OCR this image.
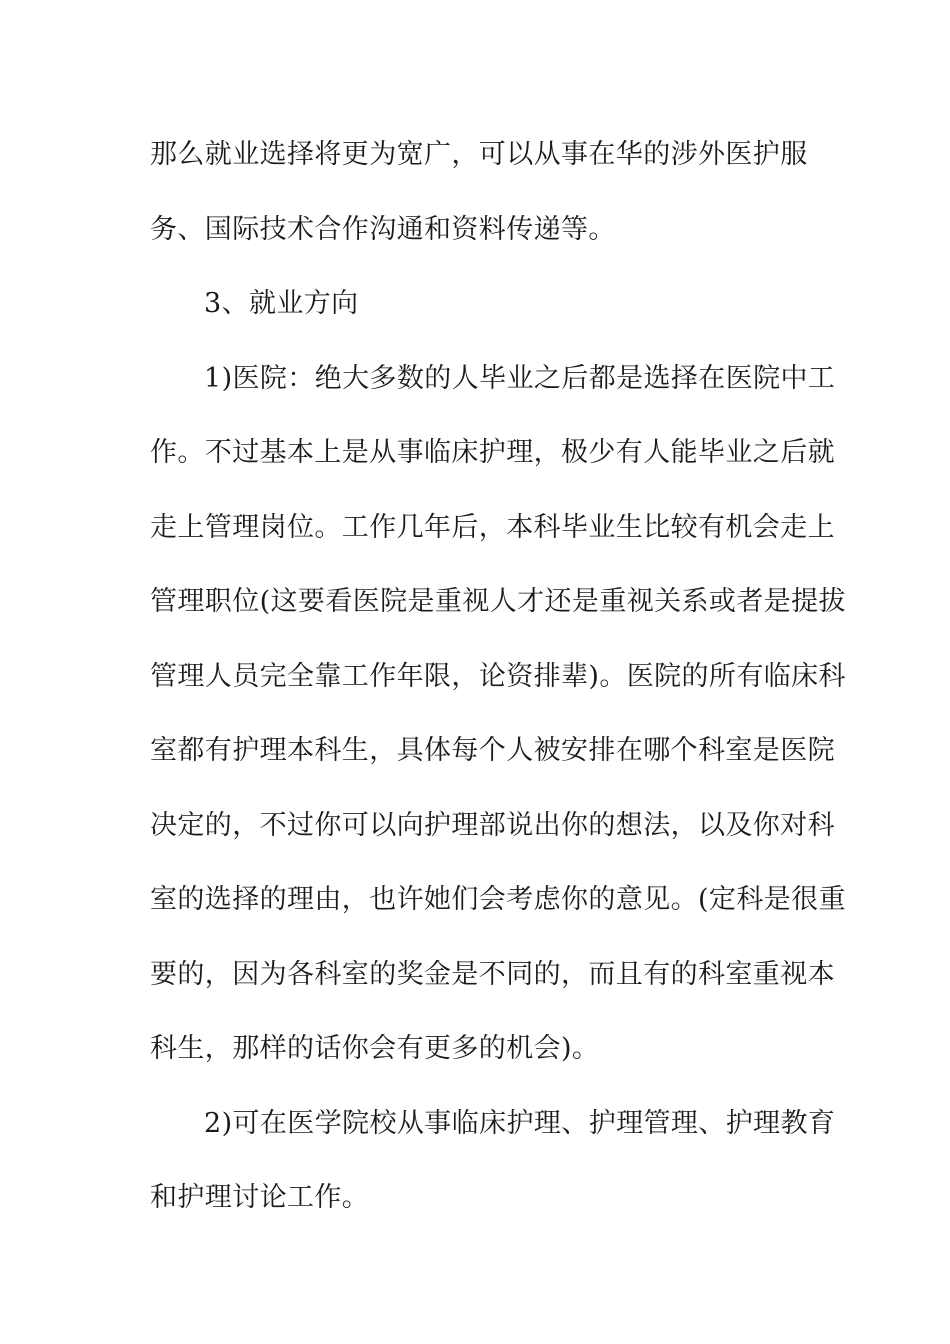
那么就业选择将更为宽广，可以从事在华的涉外医护服
务、国际技术合作沟通和资料传递等。
3、就业方向
1)医院：绝大多数的人毕业之后都是选择在医院中工
作。不过基本上是从事临床护理，极少有人能毕业之后就
走上管理岗位。工作几年后，本科毕业生比较有机会走上
管理职位(这要看医院是重视人才还是重视关系或者是提拔
管理人员完全靠工作年限，论资排辈)。医院的所有临床科
室都有护理本科生，具体每个人被安排在哪个科室是医院
决定的，不过你可以向护理部说出你的想法，以及你对科
室的选择的理由，也许她们会考虑你的意见。(定科是很重
要的，因为各科室的奖金是不同的，而且有的科室重视本
科生，那样的话你会有更多的机会)。
2)可在医学院校从事临床护理、护理管理、护理教育
和护理讨论工作。
